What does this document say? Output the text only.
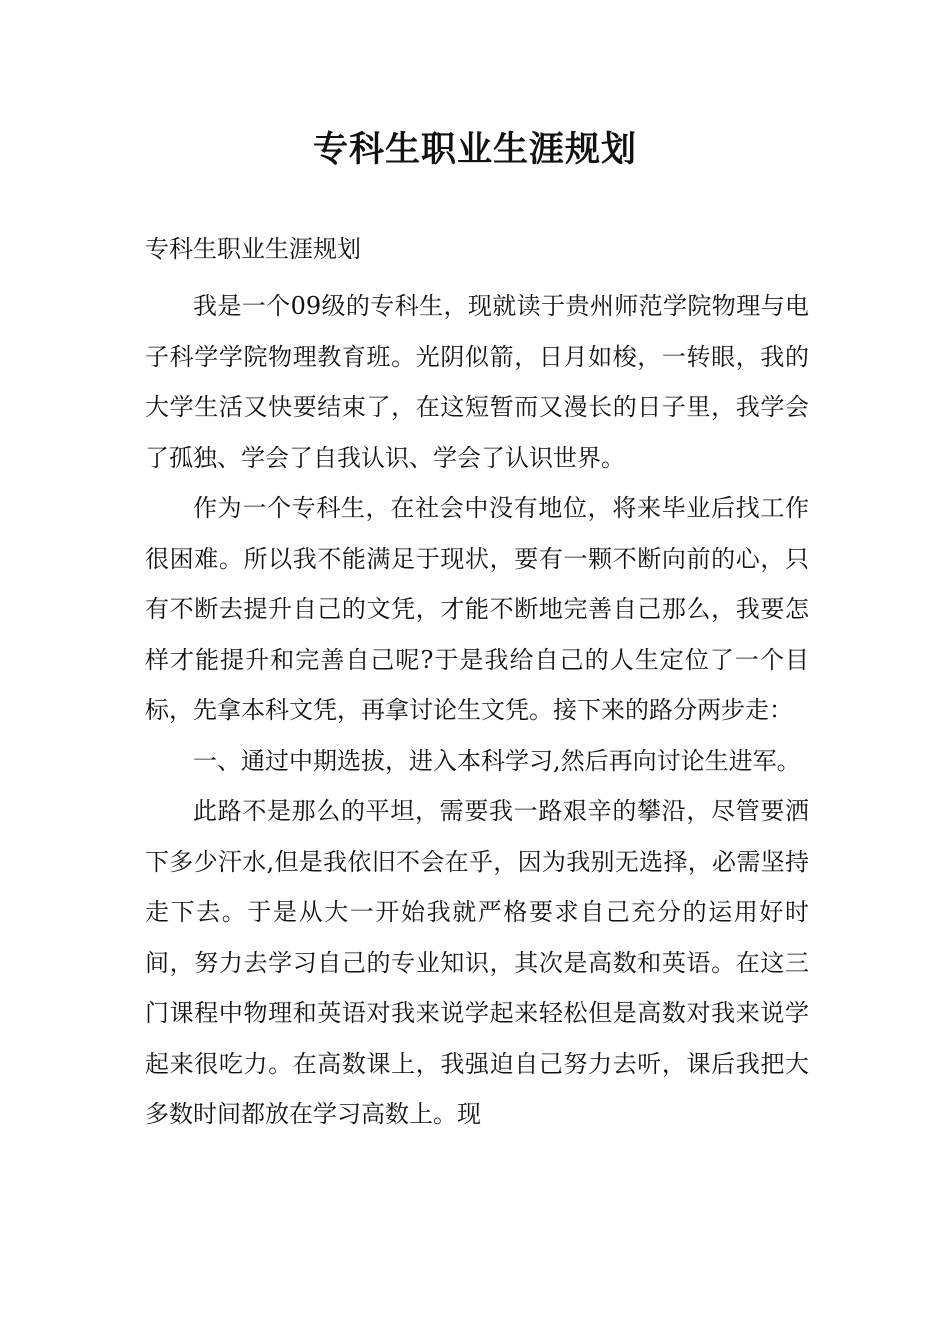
专科生职业生涯规划

专科生职业生涯规划

我是一个09级的专科生，现就读于贵州师范学院物理与电子科学学院物理教育班。光阴似箭，日月如梭，一转眼，我的大学生活又快要结束了，在这短暂而又漫长的日子里，我学会了孤独、学会了自我认识、学会了认识世界。

作为一个专科生，在社会中没有地位，将来毕业后找工作很困难。所以我不能满足于现状，要有一颗不断向前的心，只有不断去提升自己的文凭，才能不断地完善自己那么，我要怎样才能提升和完善自己呢?于是我给自己的人生定位了一个目标，先拿本科文凭，再拿讨论生文凭。接下来的路分两步走：

一、通过中期选拔，进入本科学习,然后再向讨论生进军。

此路不是那么的平坦，需要我一路艰辛的攀沿，尽管要洒下多少汗水,但是我依旧不会在乎，因为我别无选择，必需坚持走下去。于是从大一开始我就严格要求自己充分的运用好时间，努力去学习自己的专业知识，其次是高数和英语。在这三门课程中物理和英语对我来说学起来轻松但是高数对我来说学起来很吃力。在高数课上，我强迫自己努力去听，课后我把大多数时间都放在学习高数上。现
